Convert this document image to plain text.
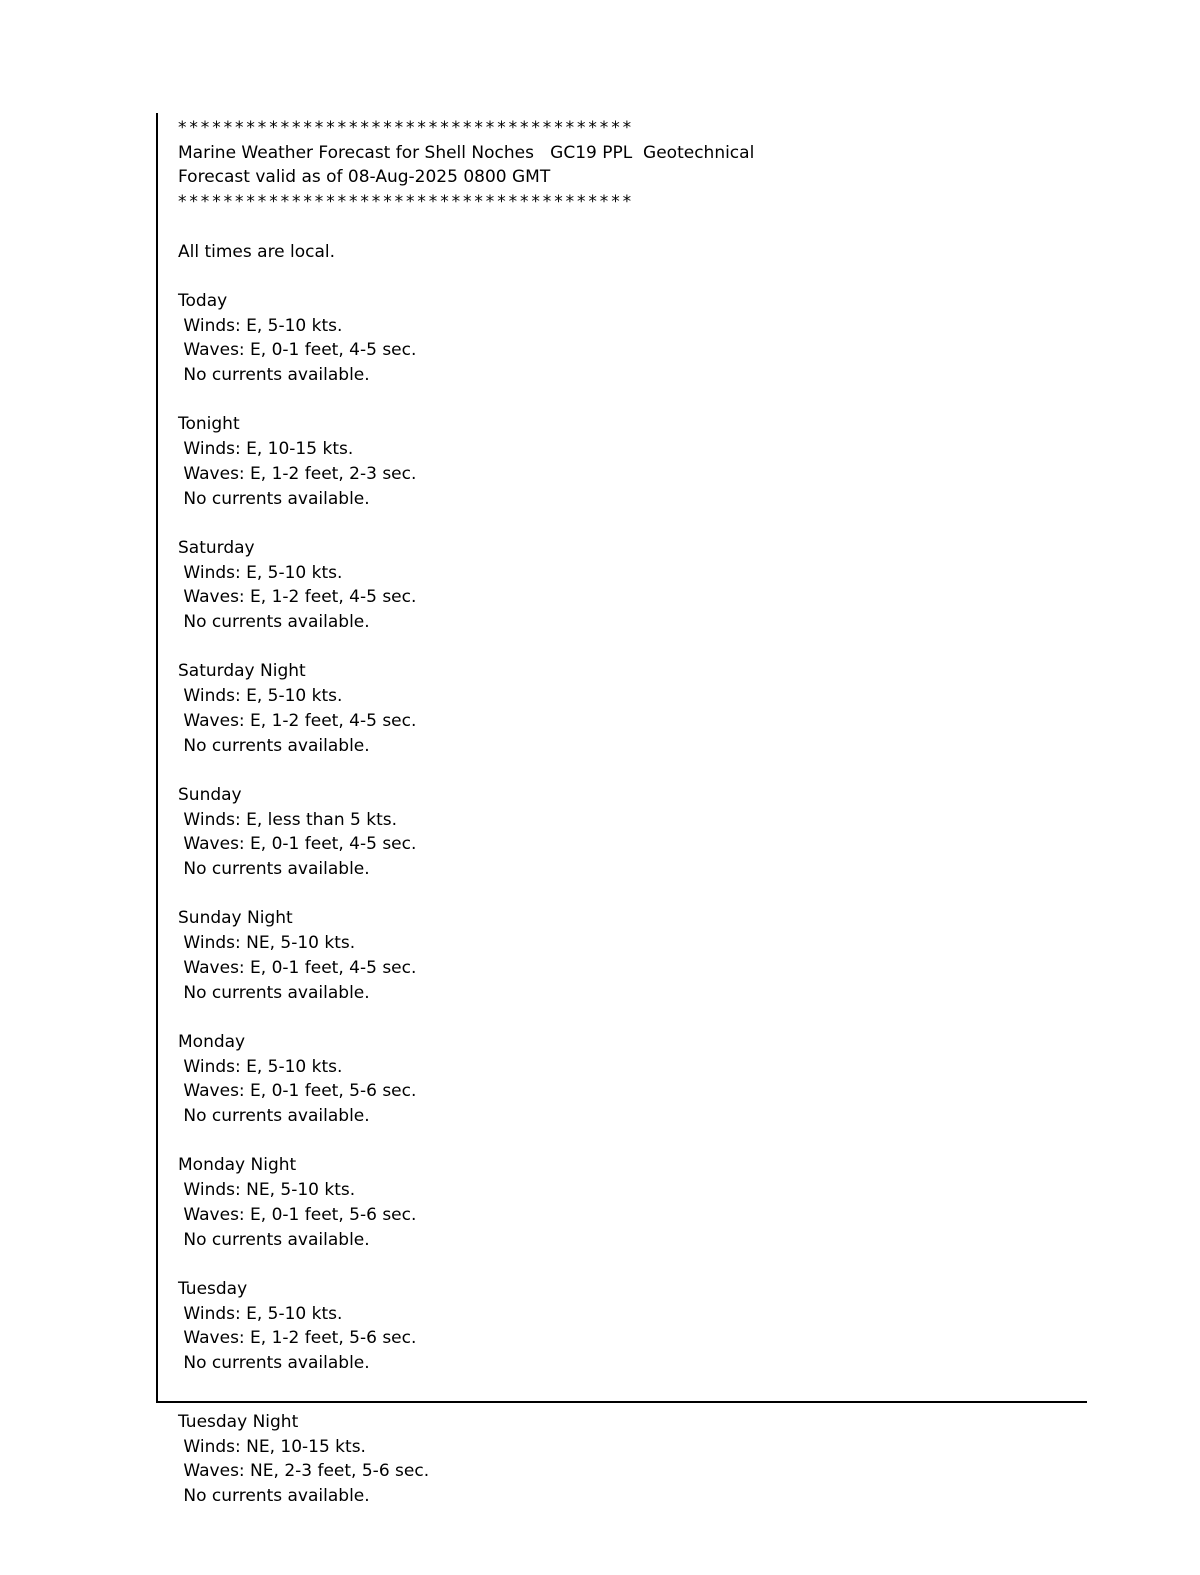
****************************************
Marine Weather Forecast for Shell Noches   GC19 PPL  Geotechnical
Forecast valid as of 08-Aug-2025 0800 GMT
****************************************
All times are local.
Today
Winds: E, 5-10 kts.
Waves: E, 0-1 feet, 4-5 sec.
No currents available.
Tonight
Winds: E, 10-15 kts.
Waves: E, 1-2 feet, 2-3 sec.
No currents available.
Saturday
Winds: E, 5-10 kts.
Waves: E, 1-2 feet, 4-5 sec.
No currents available.
Saturday Night
Winds: E, 5-10 kts.
Waves: E, 1-2 feet, 4-5 sec.
No currents available.
Sunday
Winds: E, less than 5 kts.
Waves: E, 0-1 feet, 4-5 sec.
No currents available.
Sunday Night
Winds: NE, 5-10 kts.
Waves: E, 0-1 feet, 4-5 sec.
No currents available.
Monday
Winds: E, 5-10 kts.
Waves: E, 0-1 feet, 5-6 sec.
No currents available.
Monday Night
Winds: NE, 5-10 kts.
Waves: E, 0-1 feet, 5-6 sec.
No currents available.
Tuesday
Winds: E, 5-10 kts.
Waves: E, 1-2 feet, 5-6 sec.
No currents available.
Tuesday Night
Winds: NE, 10-15 kts.
Waves: NE, 2-3 feet, 5-6 sec.
No currents available.
